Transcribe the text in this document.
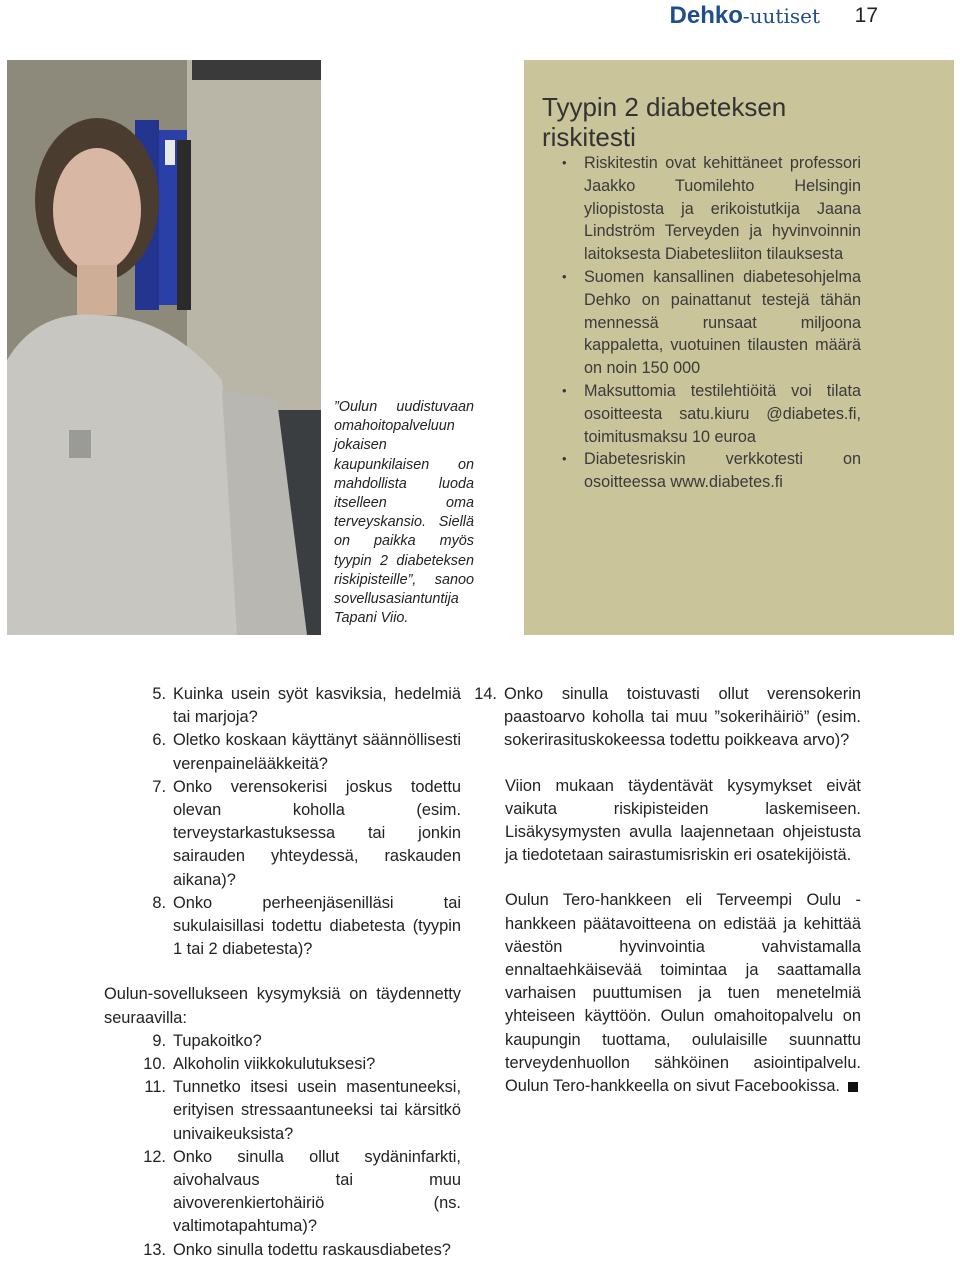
Dehko-uutiset 17

”Oulun uudistuvaan omahoitopalveluun jokaisen kaupunkilaisen on mahdollista luoda itselleen oma terveyskansio. Siellä on paikka myös tyypin 2 diabeteksen riskipisteille”, sanoo sovellusasiantuntija Tapani Viio.

Tyypin 2 diabeteksen riskitesti
• Riskitestin ovat kehittäneet professori Jaakko Tuomilehto Helsingin yliopistosta ja erikoistutkija Jaana Lindström Terveyden ja hyvinvoinnin laitoksesta Diabetesliiton tilauksesta
• Suomen kansallinen diabetesohjelma Dehko on painattanut testejä tähän mennessä runsaat miljoona kappaletta, vuotuinen tilausten määrä on noin 150 000
• Maksuttomia testilehtiöitä voi tilata osoitteesta satu.kiuru @diabetes.fi, toimitusmaksu 10 euroa
• Diabetesriskin verkkotesti on osoitteessa www.diabetes.fi
5. Kuinka usein syöt kasviksia, hedelmiä tai marjoja?
6. Oletko koskaan käyttänyt säännöllisesti verenpainelääkkeitä?
7. Onko verensokerisi joskus todettu olevan koholla (esim. terveystarkastuksessa tai jonkin sairauden yhteydessä, raskauden aikana)?
8. Onko perheenjäsenilläsi tai sukulaisillasi todettu diabetesta (tyypin 1 tai 2 diabetesta)?

Oulun-sovellukseen kysymyksiä on täydennetty seuraavilla:

9. Tupakoitko?
10. Alkoholin viikkokulutuksesi?
11. Tunnetko itsesi usein masentuneeksi, erityisen stressaantuneeksi tai kärsitkö univaikeuksista?
12. Onko sinulla ollut sydäninfarkti, aivohalvaus tai muu aivoverenkiertohäiriö (ns. valtimotapahtuma)?
13. Onko sinulla todettu raskausdiabetes?
14. Onko sinulla toistuvasti ollut verensokerin paastoarvo koholla tai muu ”sokerihäiriö” (esim. sokerirasituskokeessa todettu poikkeava arvo)?

Viion mukaan täydentävät kysymykset eivät vaikuta riskipisteiden laskemiseen. Lisäkysymysten avulla laajennetaan ohjeistusta ja tiedotetaan sairastumisriskin eri osatekijöistä.

Oulun Tero-hankkeen eli Terveempi Oulu -hankkeen päätavoitteena on edistää ja kehittää väestön hyvinvointia vahvistamalla ennaltaehkäisevää toimintaa ja saattamalla varhaisen puuttumisen ja tuen menetelmiä yhteiseen käyttöön. Oulun omahoitopalvelu on kaupungin tuottama, oululaisille suunnattu terveydenhuollon sähköinen asiointipalvelu. Oulun Tero-hankkeella on sivut Facebookissa.
